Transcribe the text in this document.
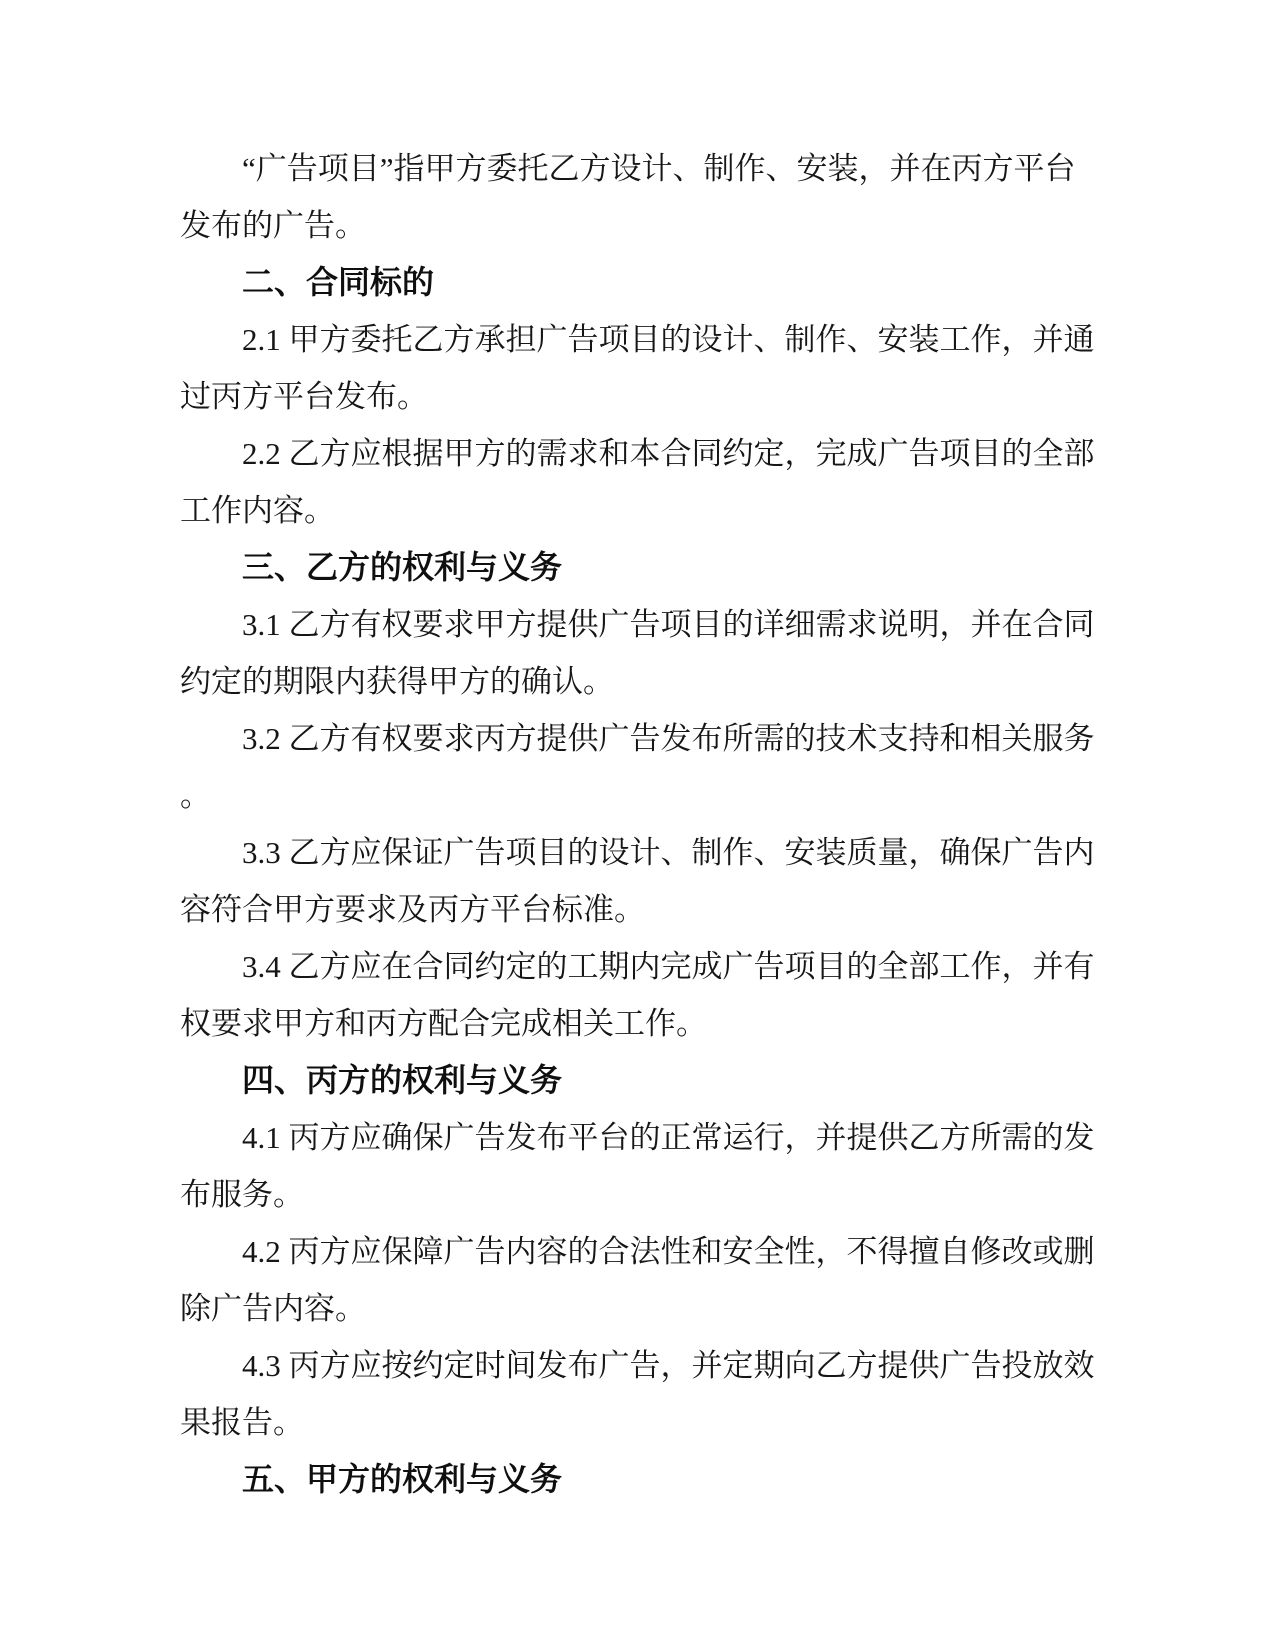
“广告项目”指甲方委托乙方设计、制作、安装，并在丙方平台
发布的广告。
二、合同标的
2.1 甲方委托乙方承担广告项目的设计、制作、安装工作，并通
过丙方平台发布。
2.2 乙方应根据甲方的需求和本合同约定，完成广告项目的全部
工作内容。
三、乙方的权利与义务
3.1 乙方有权要求甲方提供广告项目的详细需求说明，并在合同
约定的期限内获得甲方的确认。
3.2 乙方有权要求丙方提供广告发布所需的技术支持和相关服务
。
3.3 乙方应保证广告项目的设计、制作、安装质量，确保广告内
容符合甲方要求及丙方平台标准。
3.4 乙方应在合同约定的工期内完成广告项目的全部工作，并有
权要求甲方和丙方配合完成相关工作。
四、丙方的权利与义务
4.1 丙方应确保广告发布平台的正常运行，并提供乙方所需的发
布服务。
4.2 丙方应保障广告内容的合法性和安全性，不得擅自修改或删
除广告内容。
4.3 丙方应按约定时间发布广告，并定期向乙方提供广告投放效
果报告。
五、甲方的权利与义务
